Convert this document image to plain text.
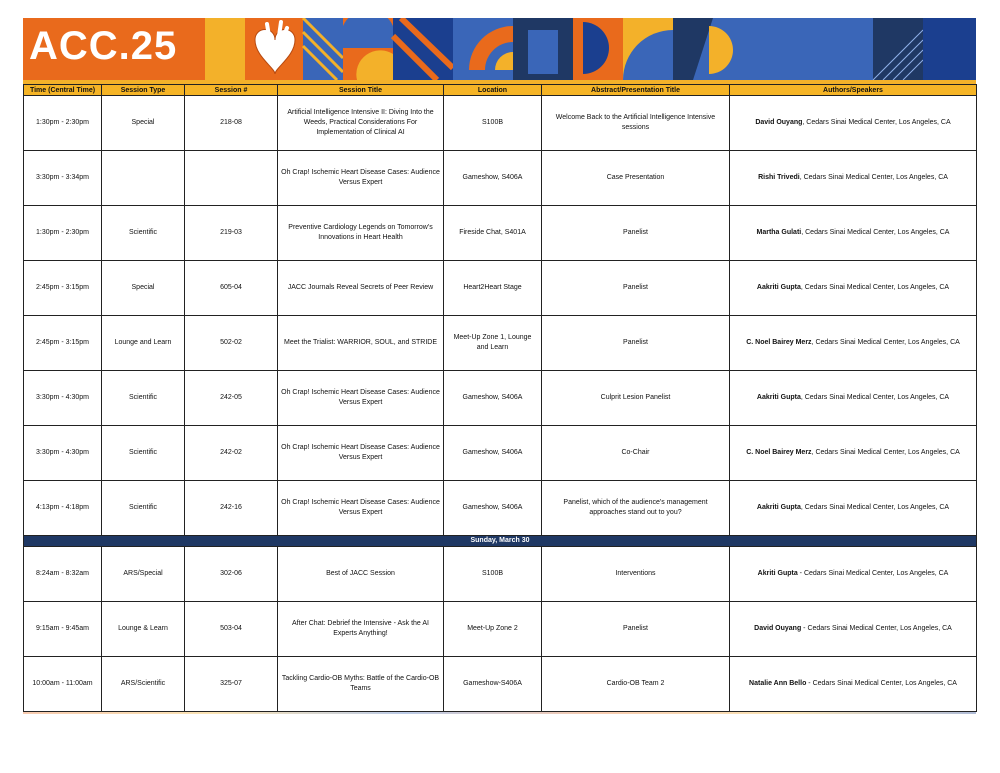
ACC.25
Time (Central Time)	Session Type	Session #	Session Title	Location	Abstract/Presentation Title	Authors/Speakers
1:30pm - 2:30pm	Special	218-08	Artificial Intelligence Intensive II: Diving Into the Weeds, Practical Considerations For Implementation of Clinical AI	S100B	Welcome Back to the Artificial Intelligence Intensive sessions	David Ouyang, Cedars Sinai Medical Center, Los Angeles, CA
3:30pm - 3:34pm			Oh Crap! Ischemic Heart Disease Cases: Audience Versus Expert	Gameshow, S406A	Case Presentation	Rishi Trivedi, Cedars Sinai Medical Center, Los Angeles, CA
1:30pm - 2:30pm	Scientific	219-03	Preventive Cardiology Legends on Tomorrow's Innovations in Heart Health	Fireside Chat, S401A	Panelist	Martha Gulati, Cedars Sinai Medical Center, Los Angeles, CA
2:45pm - 3:15pm	Special	605-04	JACC Journals Reveal Secrets of Peer Review	Heart2Heart Stage	Panelist	Aakriti Gupta, Cedars Sinai Medical Center, Los Angeles, CA
2:45pm - 3:15pm	Lounge and Learn	502-02	Meet the Trialist: WARRIOR, SOUL, and STRIDE	Meet-Up Zone 1, Lounge and Learn	Panelist	C. Noel Bairey Merz, Cedars Sinai Medical Center, Los Angeles, CA
3:30pm - 4:30pm	Scientific	242-05	Oh Crap! Ischemic Heart Disease Cases: Audience Versus Expert	Gameshow, S406A	Culprit Lesion Panelist	Aakriti Gupta, Cedars Sinai Medical Center, Los Angeles, CA
3:30pm - 4:30pm	Scientific	242-02	Oh Crap! Ischemic Heart Disease Cases: Audience Versus Expert	Gameshow, S406A	Co-Chair	C. Noel Bairey Merz, Cedars Sinai Medical Center, Los Angeles, CA
4:13pm - 4:18pm	Scientific	242-16	Oh Crap! Ischemic Heart Disease Cases: Audience Versus Expert	Gameshow, S406A	Panelist, which of the audience's management approaches stand out to you?	Aakriti Gupta, Cedars Sinai Medical Center, Los Angeles, CA
Sunday, March 30						
8:24am - 8:32am	ARS/Special	302-06	Best of JACC Session	S100B	Interventions	Akriti Gupta - Cedars Sinai Medical Center, Los Angeles, CA
9:15am - 9:45am	Lounge & Learn	503-04	After Chat: Debrief the Intensive - Ask the AI Experts Anything!	Meet-Up Zone 2	Panelist	David Ouyang - Cedars Sinai Medical Center, Los Angeles, CA
10:00am - 11:00am	ARS/Scientific	325-07	Tackling Cardio-OB Myths: Battle of the Cardio-OB Teams	Gameshow-S406A	Cardio-OB Team 2	Natalie Ann Bello - Cedars Sinai Medical Center, Los Angeles, CA
